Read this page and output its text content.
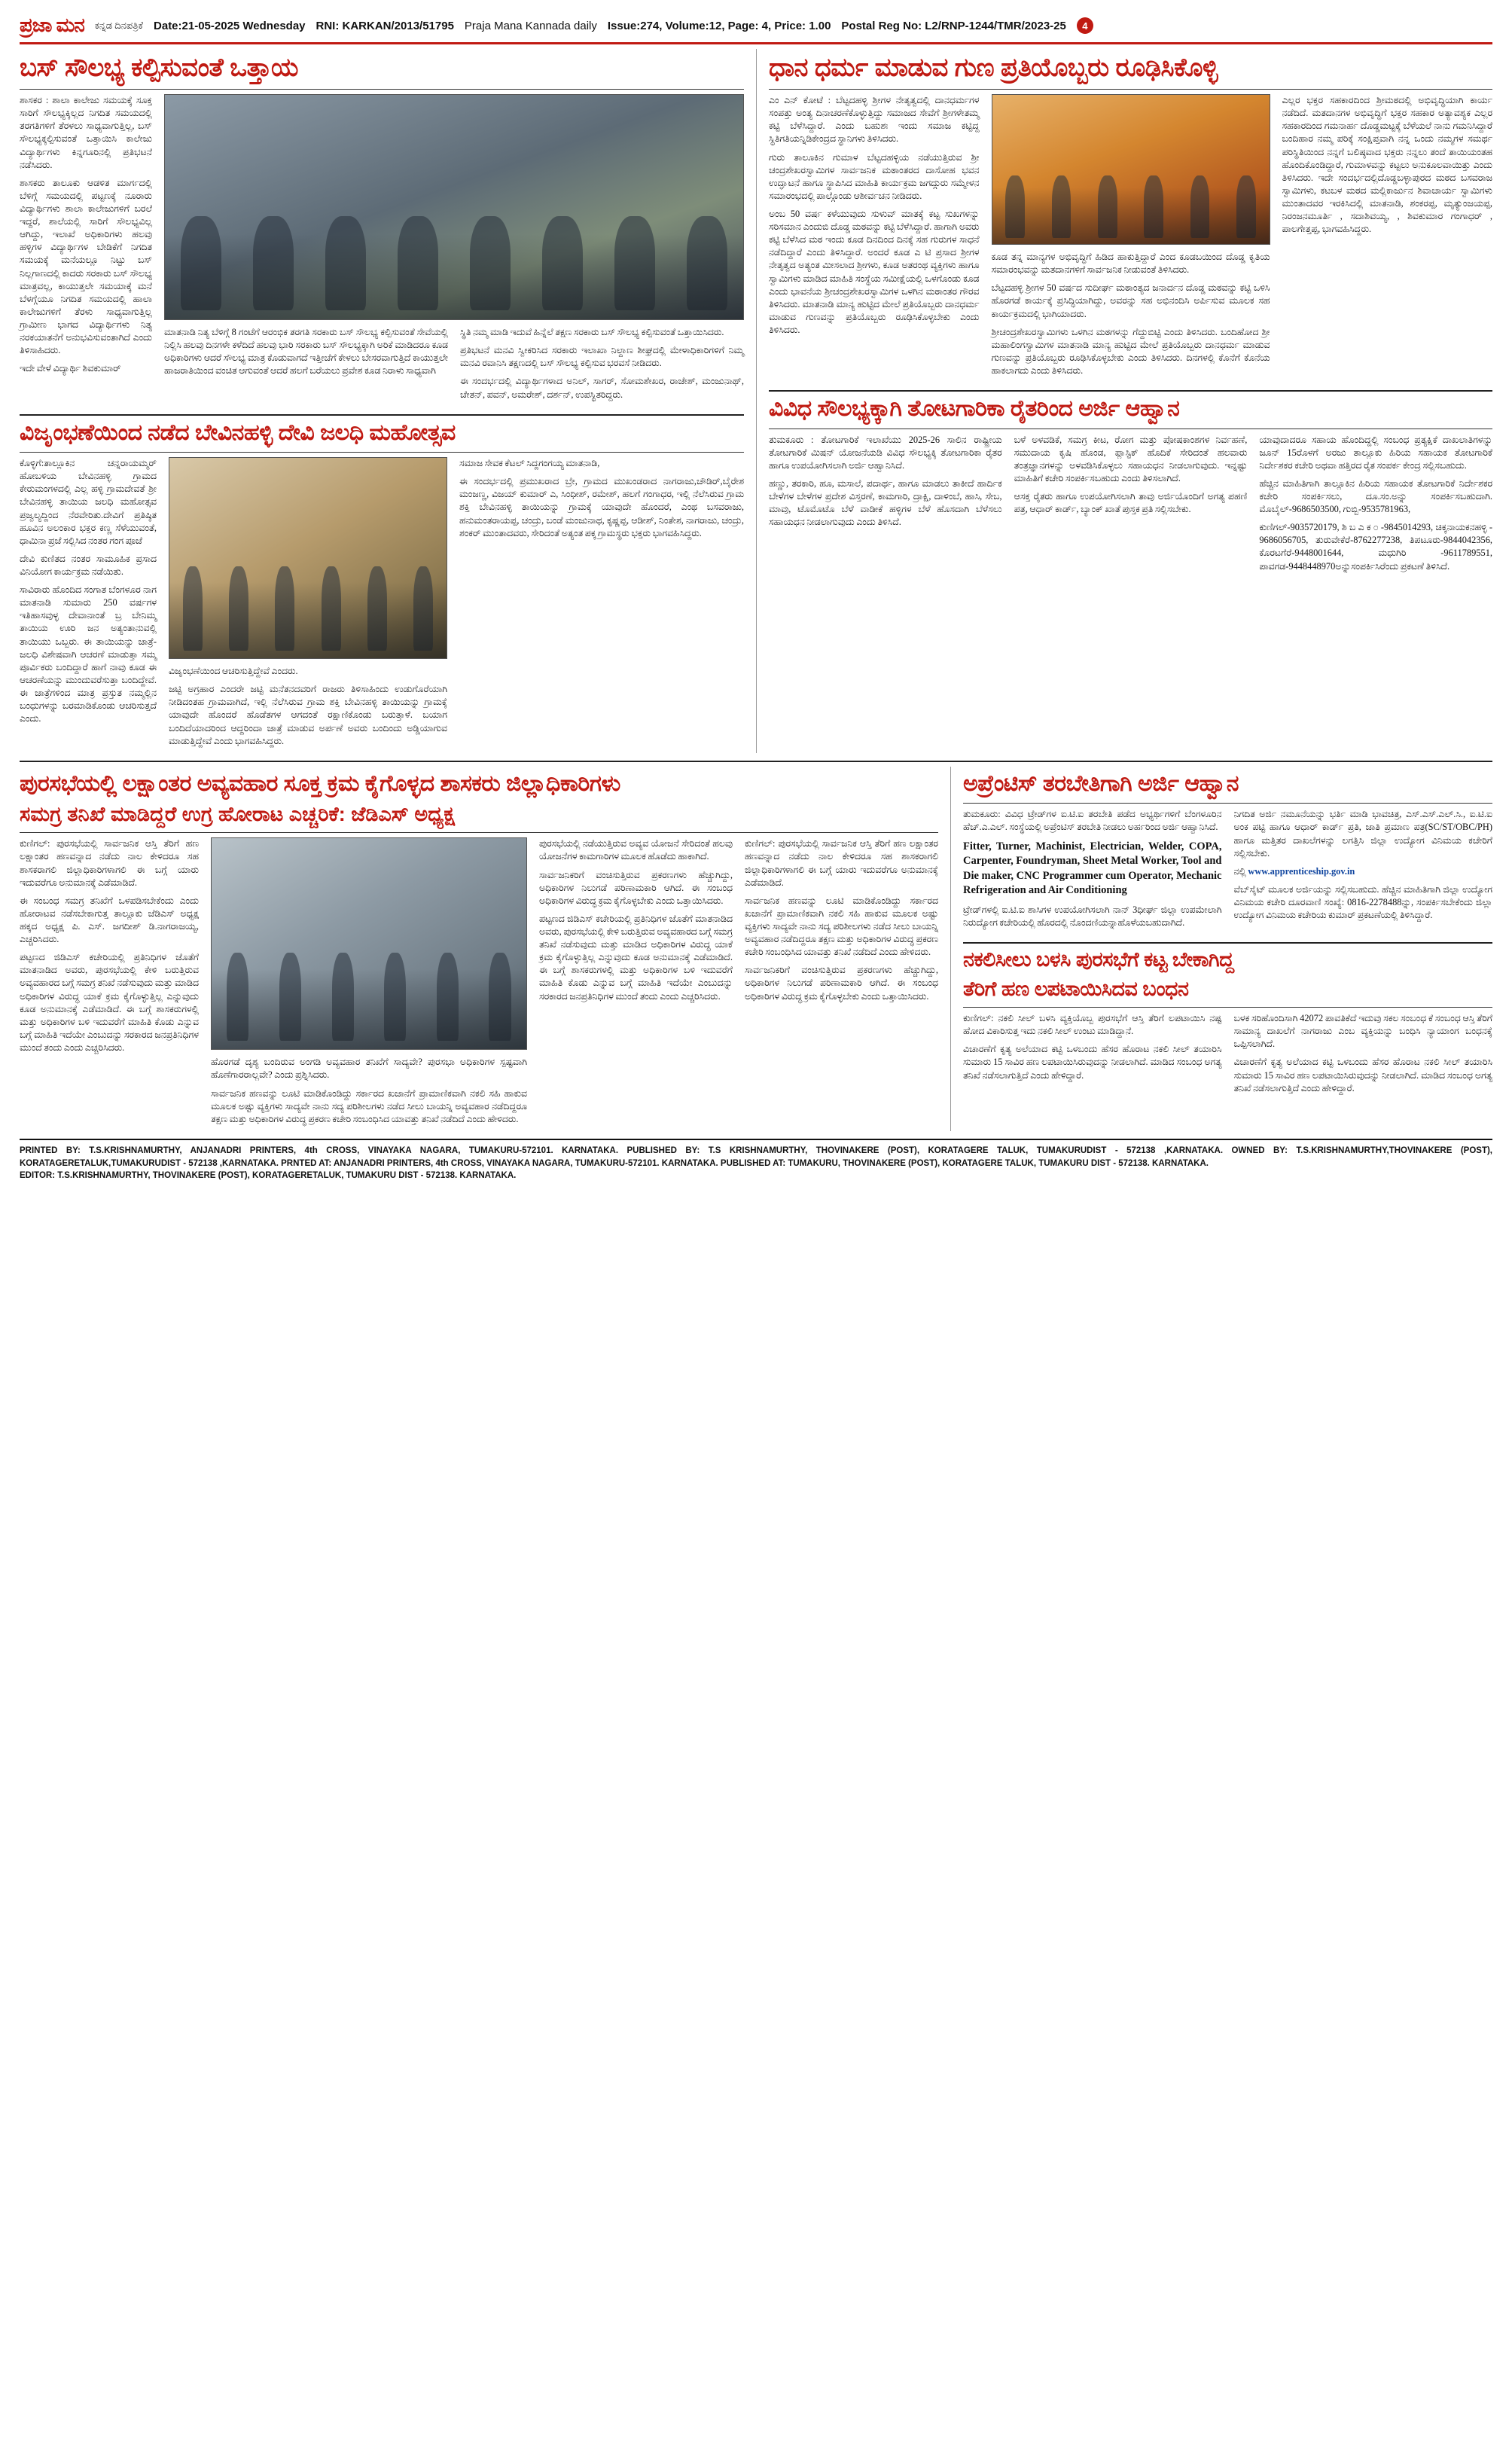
ಪ್ರಜಾ ಮನ ಕನ್ನಡ ದಿನಪತ್ರಿಕೆ Date:21-05-2025 Wednesday RNI: KARKAN/2013/51795 Praja Mana Kannada daily Issue:274, Volume:12, Page: 4, Price: 1.00 Postal Reg No: L2/RNP-1244/TMR/2023-25	4
ಬಸ್ ಸೌಲಭ್ಯ ಕಲ್ಪಿಸುವಂತೆ ಒತ್ತಾಯ

ಶಾಸಕರ : ಶಾಲಾ ಕಾಲೇಜು ಸಮಯಕ್ಕೆ ಸೂಕ್ತ ಸಾರಿಗೆ ಸೌಲಭ್ಯಕ್ಕಿಲ್ಲದ ನಿಗದಿತ ಸಮಯದಲ್ಲಿ ತರಗತಿಗಳಿಗೆ ತೆರಳಲು ಸಾಧ್ಯವಾಗುತ್ತಿಲ್ಲ, ಬಸ್ ಸೌಲಭ್ಯಕ್ಕಲ್ಪಿಸುವಂತೆ ಒತ್ತಾಯಿಸಿ ಕಾಲೇಜು ವಿದ್ಯಾರ್ಥಿಗಳು ಕಿನ್ನಗೂರಿನಲ್ಲಿ ಪ್ರತಿಭಟನೆ ನಡೆಸಿದರು.

ಶಾಸಕರು ತಾಲೂಕು ಆಡಳಿತ ಮಾರ್ಗದಲ್ಲಿ ಬೆಳಿಗ್ಗೆ ಸಮಯದಲ್ಲಿ ಪಟ್ಟಣಕ್ಕೆ ನೂರಾರು ವಿದ್ಯಾರ್ಥಿಗಳು ಶಾಲಾ ಕಾಲೇಜುಗಳಿಗೆ ಬರಲೆ ಇದ್ದರೆ, ಶಾಲೆಯಲ್ಲಿ ಸಾರಿಗೆ ಸೌಲಭ್ಯವಿಲ್ಲ ಆಗಿದ್ದು, ಇಲಾಖೆ ಅಧಿಕಾರಿಗಳು ಹಲವು ಹಳ್ಳಿಗಳ ವಿದ್ಯಾರ್ಥಿಗಳ ಬೇಡಿಕೆಗೆ ನಿಗದಿತ ಸಮಯಕ್ಕೆ ಮನೆಯಲ್ಲೂ ನಿಟ್ಟು ಬಸ್ ನಿಲ್ಲಗಾಣದಲ್ಲಿ ಕಾದರು ಸರಕಾರು ಬಸ್ ಸೌಲಭ್ಯ ಮಾತ್ರವಲ್ಲ, ಕಾಯುತ್ತಲೇ ಸಮಯಾಕ್ಕೆ ಮನೆ ಬೆಳಗ್ಗೆಯೂ ನಿಗದಿತ ಸಮಯದಲ್ಲಿ ಹಾಲಾ ಕಾಲೇಜುಗಳಿಗೆ ತೆರಳು ಸಾಧ್ಯವಾಗುತ್ತಿಲ್ಲ ಗ್ರಾಮೀಣ ಭಾಗದ ವಿದ್ಯಾರ್ಥಿಗಳು ನಿತ್ಯ ನರಕಯಾತನೆಗೆ ಅನುಭವಿಸುವಂತಾಗಿದೆ ಎಂದು ತಿಳಿಸಾಹಿದರು.

ಇದೇ ವೇಳೆ ವಿದ್ಯಾರ್ಥಿ ಶಿವಕುಮಾರ್

ಮಾತನಾಡಿ ನಿತ್ಯ ಬೆಳಿಗ್ಗೆ 8 ಗಂಟೆಗೆ ಆರಂಭಿಕ ತರಗತಿ ಸರಕಾರು ಬಸ್ ಸೌಲಭ್ಯ ಕಲ್ಪಿಸುವಂತೆ ಸೇವೆಯಲ್ಲಿ ನಿಲ್ಲಿಸಿ ಹಲವು ದಿನಗಳೇ ಕಳೆದಿದೆ ಹಲವು ಭಾರಿ ಸರಕಾರು ಬಸ್ ಸೌಲಭ್ಯಕ್ಕಾಗಿ ಅರಿಕೆ ಮಾಡಿದರೂ ಕೂಡ ಅಧಿಕಾರಿಗಳು ಆದರೆ ಸೌಲಭ್ಯ ಮಾತ್ರ ಕೊಡುವಾಗದೆ ಇತ್ತೀಚೆಗೆ ಕೇಳಲು ಬೇಸರವಾಗುತ್ತಿದೆ ಕಾಯುತ್ತಲೇ ಹಾಜರಾತಿಯಿಂದ ವಂಚಿತ ಆಗುವಂತೆ ಆದರೆ ಹಲಗೆ ಬರೆಯಲು ಪ್ರವೇಶ ಕೂಡ ನಿರಾಳು ಸಾಧ್ಯವಾಗಿ

ಸ್ಥಿತಿ ನಮ್ಮ ಮಾಡಿ ಇದುವೆ ಹಿನ್ನೆಲೆ ತಕ್ಷಣ ಸರಕಾರು ಬಸ್ ಸೌಲಭ್ಯ ಕಲ್ಪಿಸುವಂತೆ ಒತ್ತಾಯಿಸಿದರು.

ಪ್ರತಿಭಟನೆ ಮನವಿ ಸ್ವೀಕರಿಸಿದ ಸರಕಾರು ಇಲಾಖಾ ನಿಲ್ದಾಣ ಶೀಘ್ರದಲ್ಲಿ ಮೇಳಾಧಿಕಾರಿಗಳಿಗೆ ನಿಮ್ಮ ಮನವಿ ರವಾನಿಸಿ ತಕ್ಷಣದಲ್ಲಿ ಬಸ್ ಸೌಲಭ್ಯ ಕಲ್ಪಿಸುವ ಭರವಸೆ ನೀಡಿದರು.

ಈ ಸಂದರ್ಭದಲ್ಲಿ ವಿದ್ಯಾರ್ಥಿಗಳಾದ ಅನಿಲ್, ಸಾಗರ್, ಸೋಮಶೇಖರ, ರಾಜೇಶ್, ಮಂಜುನಾಥ್, ಚೇತನ್, ಪವನ್, ಅಮರೇಶ್, ದರ್ಶನ್, ಉಪಸ್ಥಿತರಿದ್ದರು.

ವಿಜೃಂಭಣೆಯಿಂದ ನಡೆದ ಬೇವಿನಹಳ್ಳಿ ದೇವಿ ಜಲಧಿ ಮಹೋತ್ಸವ

ಕೊಳ್ಳಿಗೆ:ತಾಲ್ಲೂಕಿನ ಚನ್ನರಾಯಮ್ಮರ್ ಹೋಬಳಿಯ ಬೇವಿನಹಳ್ಳಿ ಗ್ರಾಮದ ಕೇರುಮಂಗಳದಲ್ಲಿ ಎಲ್ಲ ಹಳ್ಳಿ ಗ್ರಾಮದೇವತೆ ಶ್ರೀ ಬೇವಿನಹಳ್ಳಿ ತಾಯಿಯ ಜಲಧಿ ಮಹೋತ್ಸವ ಪ್ರಜ್ವಲ್ಯದ್ದಿಂದ ನೆರವೇರಿತು.ದೇವಿಗೆ ಪ್ರತಿಷ್ಠಿತ ಹೂವಿನ ಅಲಂಕಾರ ಭಕ್ತರ ಕಣ್ಣ ಸೆಳೆಯುವಂತೆ, ಧಾಮಿನಾ ಪ್ರಜೆ ಸಲ್ಲಿಸಿದ ನಂತರ ಗಂಗ ಪೂಜೆ

ದೇವಿ ಕುಣಿತದ ನಂತರ ಸಾಮೂಹಿಕ ಪ್ರಸಾದ ವಿನಿಯೋಗ ಕಾರ್ಯಕ್ರಮ ನಡೆಯಿತು.

ಸಾವಿರಾರು ಹೊಂದಿದ ಸಂಗಾತ ಬೆಂಗಳೂರ ನಾಗ ಮಾತನಾಡಿ ಸುಮಾರು 250 ವರ್ಷಗಳ ಇತಿಹಾಸವುಳ್ಳ ದೇವಾನಾಂತೆ ಬ್ರ ಬೇನಿಮ್ಮ ತಾಯಿಯ ಊರಿ ಜನ ಅತ್ಯಂತಾನುವಲ್ಲಿ ತಾಯಿಯು ಒಬ್ಬರು. ಈ ತಾಯಿಯನ್ನು ಜಾತ್ರೆ-ಜಲಧಿ ವಿಶೇಷವಾಗಿ ಆಚರಣೆ ಮಾಡುತ್ತಾ ಸಮ್ಮ ಪೂರ್ವಿಕರು ಬಂದಿದ್ದಾರೆ ಹಾಗೆ ನಾವು ಕೂಡ ಈ ಆಚರಣೆಯನ್ನು ಮುಂದುವರೆಸುತ್ತಾ ಬಂದಿದ್ದೇವೆ. ಈ ಜಾತ್ರೆಗಳಿಂದ ಮಾತ್ರ ಪ್ರಸ್ತುತ ನಮ್ಮಲ್ಲಿನ ಬಂಧುಗಳನ್ನು ಬರಮಾಡಿಕೊಂಡು ಆಚರಿಸುತ್ತದೆ ಎಂದು.

ವಿಜೃಂಭಣೆಯಿಂದ ಆಚರಿಸುತ್ತಿದ್ದೇವೆ ಎಂದರು.

ಜಟ್ಟಿ ಅಗ್ರಹಾರ ಎಂದರೇ ಜಟ್ಟಿ ಮನೆತನದವರಿಗೆ ರಾಜರು ತಿಳಿಸಾಹಿಂದು ಉಡುಗೊರೆಯಾಗಿ ನೀಡಿದಂತಹ ಗ್ರಾಮವಾಗಿದೆ, ಇಲ್ಲಿ ನೆಲೆಸಿರುವ ಗ್ರಾಮ ಶಕ್ತಿ ಬೇವಿನಹಳ್ಳಿ ತಾಯಿಯನ್ನು ಗ್ರಾಮಕ್ಕೆ ಯಾವುದೇ ಹೊಂದರೆ ಹೊಡೆತಗಳ ಆಗದಂತೆ ರಕ್ಷಾಣಿಕೊಂಡು ಬರುತ್ತಾಳೆ. ಬಯಾಗ ಬಂದಿದೆಯಾದರಿಂದ ಆದ್ದರಿಂದಾ ಜಾತ್ರೆ ಮಾಡುವ ಅರ್ಪಣೆ ಅವರು ಬಂದಿಂದು ಅಡ್ಡಿಯಾಗುವ ಮಾಡುತ್ತಿದ್ದೇವೆ ಎಂದು ಭಾಗವಹಿಸಿದ್ದರು.

ಸಮಾಜ ಸೇವಕ ಕೆಟಲ್ ಸಿದ್ದಗಂಗಯ್ಯ ಮಾತನಾಡಿ,

ಈ ಸಂದರ್ಭದಲ್ಲಿ ಪ್ರಮುಖರಾದ ಬ್ರೇ, ಗ್ರಾಮದ ಮುಖಂಡರಾದ ನಾಗರಾಜು,ಚೌಡಿರ್,ಬೈರೇಶ ಮಂಜಣ್ಣ, ವಿಜಯ್ ಕುಮಾರ್ ಎ, ಸಿಂಧೀಶ್, ರಮೇಶ್, ಹಲಗೆ ಗಂಗಾಧರ, ಇಲ್ಲಿ ನೆಲೆಸಿರುವ ಗ್ರಾಮ ಶಕ್ತಿ ಬೇವಿನಹಳ್ಳಿ ತಾಯಿಯನ್ನು ಗ್ರಾಮಕ್ಕೆ ಯಾವುದೇ ಹೊಂದರೆ, ಎಂಥ ಬಸವರಾಜು, ಹನುಮಂತರಾಯಪ್ಪ, ಚಂದ್ರು, ಬಂಡೆ ಮಂಜುನಾಥ, ಕೃಷ್ಣಪ್ಪ, ಆಡೀಶ್, ನಿಂತೇಶ, ನಾಗರಾಜು, ಚಂದ್ರು, ಶಂಕರ್ ಮುಂತಾದವರು, ಸೇರಿದಂತೆ ಅತ್ಯಂತ ಪಕ್ಕ ಗ್ರಾಮಸ್ಥರು ಭಕ್ತರು ಭಾಗವಹಿಸಿದ್ದರು.

ಧಾನ ಧರ್ಮ ಮಾಡುವ ಗುಣ ಪ್ರತಿಯೊಬ್ಬರು ರೂಢಿಸಿಕೊಳ್ಳಿ

ಎಂ ಎನ್ ಕೋಟೆ : ಬೆಟ್ಟದಹಳ್ಳಿ ಶ್ರೀಗಳ ನೇತೃತ್ವದಲ್ಲಿ ದಾನಧರ್ಮಗಳ ಸಂಪತ್ತು ಅಂತ್ಯ ದಿನಾಚರಣೆಕೊಳ್ಳುತ್ತಿದ್ದು ಸಮಾಜದ ಸೇವೆಗೆ ಶ್ರೀಗಳೇತಮ್ಮ ಕಟ್ಟಿ ಬೆಳೆಸಿದ್ದಾರೆ. ಎಂದು ಬಹುಶಃ ಇಂದು ಸಮಾಜ ಕಟ್ಟಿದ್ದ ಸ್ಥಿತಿಗತಿಯನ್ನಿಡಿಕೇಂದ್ರದ ಸ್ಥಾನಿಗಳು ತಿಳಿಸಿದರು.

ಗುರು ತಾಲೂಕಿನ ಗುಮಾಳ ಬೆಟ್ಟದಹಳ್ಳಿಯ ನಡೆಯುತ್ತಿರುವ ಶ್ರೀ ಚಂದ್ರಶೇಖರಸ್ವಾಮಿಗಳ ಸಾರ್ವಜನಿಕ ಮಠಾಂತರದ ದಾಸೋಹ ಭವನ ಉದ್ಘಾಟನೆ ಹಾಗೂ ಸ್ಥಾಪಿಸಿದ ಮಾಹಿತಿ ಕಾರ್ಯಕ್ರಮ ಜಗದ್ಗುರು ಸಮ್ಮೇಳನ ಸಮಾರಂಭದಲ್ಲಿ ಪಾಲ್ಗೊಂಡು ಆಶೀರ್ವಚನ ನೀಡಿದರು.

ಅಂಬ 50 ವರ್ಷ ಕಳೆಯುವುದು ಸುಳುವ್ ಮಾತಕ್ಕೆ ಕಟ್ಟ ಸುಖಗಳನ್ನು ಸರಿಸಮಾನ ಎಂದುಬಿ ದೊಡ್ಡ ಮಠವನ್ನು ಕಟ್ಟಿ ಬೆಳೆಸಿದ್ದಾರೆ. ಹಾಗಾಗಿ ಅವರು ಕಟ್ಟಿ ಬೆಳೆಸಿದ ಮಠ ಇಂದು ಕೂಡ ದಿನದಿಂದ ದಿನಕ್ಕೆ ಸಹ ಗುರುಗಳ ಸಾಧನೆ ನಡೆದಿದ್ದಾರೆ ಎಂದು ತಿಳಿಸಿದ್ದಾರೆ. ಅಂದರೆ ಕೂಡ ಎ ಟಿ ಪ್ರಸಾದ ಶ್ರೀಗಳ ನೇತೃತ್ವದ ಅತ್ಯಂತ ಮೀಸಲಾದ ಶ್ರೀಗಳು, ಕೂಡ ಅತರಂಥ ವ್ಯಕ್ತಿಗಳು ಹಾಗೂ ಸ್ವಾಮಿಗಳು ಮಾಡಿದ ಮಾಹಿತಿ ಸಂಸ್ಥೆಯ ಸಮೀಕ್ಷೆಯಲ್ಲಿ ಒಳಗೊಂಡು ಕೂಡ ಎಂದು ಭಾವನೆಯ ಶ್ರೀಚಂದ್ರಶೇಖರಸ್ವಾಮಿಗಳ ಒಳಗಿನ ಮಠಾಂತರ ಗೌರವ ತಿಳಿಸಿದರು. ಮಾತನಾಡಿ ಮಾನ್ಯ ಹುಟ್ಟಿದ ಮೇಲೆ ಪ್ರತಿಯೊಬ್ಬರು ದಾನಧರ್ಮ ಮಾಡುವ ಗುಣವನ್ನು ಪ್ರತಿಯೊಬ್ಬರು ರೂಢಿಸಿಕೊಳ್ಳಬೇಕು ಎಂದು ತಿಳಿಸಿದರು.

ಕೂಡ ತನ್ನ ಮಾನ್ಯಗಳ ಅಭಿವೃದ್ಧಿಗೆ ಹಿಡಿದ ಹಾಕುತ್ತಿದ್ದಾರೆ ಎಂದ ಕೂಡಬಯಿಂದ ದೊಡ್ಡ ಕೃತಿಯ ಸಮಾರಂಭವನ್ನು ಮತದಾನಗಳಿಗೆ ಸಾರ್ವಜನಿಕ ನೀಡುವಂತೆ ತಿಳಿಸಿದರು.

ಬೆಟ್ಟದಹಳ್ಳಿ ಶ್ರೀಗಳ 50 ವರ್ಷದ ಸುದೀರ್ಘ ಮಠಾಂತ್ಯದ ಜನಾರ್ದನ ದೊಡ್ಡ ಮಠವನ್ನು ಕಟ್ಟಿ ಒಳಿಸಿ ಹೊರಗಡೆ ಕಾರ್ಯಕ್ಕೆ ಪ್ರಸಿದ್ಧಿಯಾಗಿದ್ದು, ಅವರನ್ನು ಸಹ ಅಭಿನಂದಿಸಿ ಅರ್ಪಿಸುವ ಮೂಲಕ ಸಹ ಕಾರ್ಯಕ್ರಮದಲ್ಲಿ ಭಾಗಿಯಾದರು.

ಶ್ರೀಚಂದ್ರಶೇಖರಸ್ವಾಮಿಗಳು ಒಳಗಿನ ಮಠಗಳನ್ನು ಗೆದ್ದುಬಿಟ್ಟಿ ಎಂದು ತಿಳಿಸಿದರು. ಬಂದಿಹೋದ ಶ್ರೀ ಮಹಾಲಿಂಗಸ್ವಾಮಿಗಳ ಮಾತನಾಡಿ ಮಾನ್ಯ ಹುಟ್ಟಿದ ಮೇಲೆ ಪ್ರತಿಯೊಬ್ಬರು ದಾನಧರ್ಮ ಮಾಡುವ ಗುಣವನ್ನು ಪ್ರತಿಯೊಬ್ಬರು ರೂಢಿಸಿಕೊಳ್ಳಬೇಕು ಎಂದು ತಿಳಿಸಿದರು. ದಿನಗಳಲ್ಲಿ ಕೊನೆಗೆ ಕೊನೆಯ ಹಾಕಲಾಗದು ಎಂದು ತಿಳಿಸಿದರು.

ಎಲ್ಲರ ಭಕ್ತರ ಸಹಕಾರದಿಂದ ಶ್ರೀಮಠದಲ್ಲಿ ಅಭಿವೃದ್ಧಿಯಾಗಿ ಕಾರ್ಯ ನಡೆದಿದೆ. ಮತದಾನಗಳ ಅಭಿವೃದ್ಧಿಗೆ ಭಕ್ತರ ಸಹಕಾರ ಅತ್ಯಾವಶ್ಯಕ ಎಲ್ಲರ ಸಹಕಾರದಿಂದ ಗಮನಾರ್ಹ ದೊಡ್ಡಮಟ್ಟಕ್ಕೆ ಬೆಳೆಯಲೆ ನಾನು ಗಮನಿಸಿದ್ದಾರೆ ಬಂದಿಹಾರ ನಮ್ಮ ಪರಿಕ್ಕೆ ಸಂಕ್ಷಿಪ್ತವಾಗಿ ನನ್ನ ಒಂದು ನಮ್ಮಗಳ ಸಮರ್ಥ ಪರಿಸ್ಥಿತಿಯಿಂದ ನನ್ನಗೆ ಬಲಿಷ್ಠವಾದ ಭಕ್ತರು ನನ್ನಲು ತಂದೆ ತಾಯಿಯಂತಹ ಹೊಂದಿಕೊಂಡಿದ್ದಾರೆ, ಗುಮಾಳವನ್ನು ಕಟ್ಟಲು ಅನುಕೂಲವಾಯಿತ್ತು ಎಂದು ತಿಳಿಸಿದರು. ಇದೇ ಸಂದರ್ಭದಲ್ಲಿದೊಡ್ಡಬಳ್ಳಾಪುರದ ಮಠದ ಬಸವರಾಜ ಸ್ವಾಮಿಗಳು, ಕಟಬಳ ಮಠದ ಮಲ್ಲಿಕಾರ್ಜುನ ಶಿವಾಚಾರ್ಯ ಸ್ವಾಮಿಗಳು ಮುಂತಾದವರ ಇರಕಿಸಿದಲ್ಲಿ ಮಾತನಾಡಿ, ಶಂಕರಪ್ಪ, ಮೃತ್ಯುಂಜಯಪ್ಪ, ನಿರಂಜನಮೂರ್ತಿ , ಸದಾಶಿವಯ್ಯ, , ಶಿವಕುಮಾರ ಗಂಗಾಧರ್ , ಪಾಲಗೇತ್ತಪ್ಪ, ಭಾಗವಹಿಸಿದ್ದರು.

ವಿವಿಧ ಸೌಲಭ್ಯಕ್ಕಾಗಿ ತೋಟಗಾರಿಕಾ ರೈತರಿಂದ ಅರ್ಜಿ ಆಹ್ವಾನ

ತುಮಕೂರು : ತೋಟಗಾರಿಕೆ ಇಲಾಖೆಯು 2025-26 ಸಾಲಿನ ರಾಷ್ಟ್ರೀಯ ತೋಟಗಾರಿಕೆ ಮಿಷನ್ ಯೋಜನೆಯಡಿ ವಿವಿಧ ಸೌಲಭ್ಯಕ್ಕಿ ತೋಟಗಾರಿಕಾ ರೈತರ ಹಾಗೂ ಉಪಯೋಗಿಸಲಾಗಿ ಅರ್ಜಿ ಆಹ್ವಾನಿಸಿದೆ.

ಹಣ್ಣು, ತರಕಾರಿ, ಹೂ, ಮಸಾಲೆ, ಪದಾರ್ಥ, ಹಾಗೂ ಮಾಡಲು ತಾಕೀದೆ ಹಾರ್ದಿಕ ಬೇಳೆಗಳ ಬೇಳೆಗಳ ಪ್ರದೇಶ ವಿಸ್ತರಣೆ, ಕಾಮಗಾರಿ, ದ್ರಾಕ್ಷಿ, ದಾಳಿಂಬೆ, ಹಾಸಿ, ಸೇಬ, ಮಾವು, ಟೊಮೊಟೊ ಬೆಳೆ ವಾಡೀಕೆ ಹಳ್ಳಿಗಳ ಬೆಳೆ ಹೊಸದಾಗಿ ಬೆಳೆಸಲು ಸಹಾಯಧನ ನೀಡಲಾಗುವುದು ಎಂದು ತಿಳಿಸಿದೆ.

ಬಳೆ ಅಳವಡಿಕೆ, ಸಮಗ್ರ ಕೀಟ, ರೋಗ ಮತ್ತು ಪೋಷಕಾಂಶಗಳ ನಿರ್ವಹಣೆ, ಸಮುದಾಯ ಕೃಷಿ ಹೊಂಡ, ಪ್ಲಾಸ್ಟಿಕ್ ಹೊದಿಕೆ ಸೇರಿದಂತೆ ಹಲವಾರು ತಂತ್ರಜ್ಞಾನಗಳನ್ನು ಅಳವಡಿಸಿಕೊಳ್ಳಲು ಸಹಾಯಧನ ನೀಡಲಾಗುವುದು. ಇನ್ನಷ್ಟು ಮಾಹಿತಿಗೆ ಕಚೇರಿ ಸಂಪರ್ಕಿಸಬಹುದು ಎಂದು ತಿಳಿಸಲಾಗಿದೆ.

ಆಸಕ್ತ ರೈತರು ಹಾಗೂ ಉಪಯೋಗಿಸಲಾಗಿ ತಾವು ಅರ್ಜಿಯೊಂದಿಗೆ ಅಗತ್ಯ ಪಹಣಿ ಪತ್ರ, ಆಧಾರ್ ಕಾರ್ಡ್, ಬ್ಯಾಂಕ್ ಖಾತೆ ಪುಸ್ತಕ ಪ್ರತಿ ಸಲ್ಲಿಸಬೇಕು.

ಯಾವುದಾದರೂ ಸಹಾಯ ಹೊಂದಿದ್ದಲ್ಲಿ ಸಂಬಂಧ ಪ್ರತ್ಯಕ್ಷಿಕೆ ದಾಖಲಾತಿಗಳನ್ನು ಜೂನ್ 15ರೊಳಗೆ ಅರಜು ತಾಲ್ಲೂಕು ಹಿರಿಯ ಸಹಾಯಕ ತೋಟಗಾರಿಕೆ ನಿರ್ದೇಶಕರ ಕಚೇರಿ ಅಥವಾ ಹತ್ತಿರದ ರೈತ ಸಂಪರ್ಕ ಕೇಂದ್ರ ಸಲ್ಲಿಸಬಹುದು.

ಹೆಚ್ಚಿನ ಮಾಹಿತಿಗಾಗಿ ತಾಲ್ಲೂಕಿನ ಹಿರಿಯ ಸಹಾಯಕ ತೋಟಗಾರಿಕೆ ನಿರ್ದೇಶಕರ ಕಚೇರಿ ಸಂಪರ್ಕಿಸಲು, ದೂ.ಸಂ.ಅನ್ನು ಸಂಪರ್ಕಿಸಬಹುದಾಗಿ. ಮೊಬೈಲ್-9686503500, ಗುಬ್ಬಿ-9535781963,

ಕುಣಿಗಲ್-9035720179, ಶಿ ಬ ಎ ಕ ೦ -9845014293, ಚಿಕ್ಕನಾಯಕನಹಳ್ಳಿ - 9686056705, ತುರುವೇಕೆರೆ-8762277238, ತಿಪಟೂರು-9844042356, ಕೊರಟಗೆರೆ-9448001644, ಮಧುಗಿರಿ -9611789551, ಪಾವಗಡ-9448448970ಅನ್ನುಸಂಪರ್ಕಿಸಿರೆಂದು ಪ್ರಕಟಣೆ ತಿಳಿಸಿದೆ.

ಪುರಸಭೆಯಲ್ಲಿ ಲಕ್ಷಾಂತರ ಅವ್ಯವಹಾರ ಸೂಕ್ತ ಕ್ರಮ ಕೈಗೊಳ್ಳದ ಶಾಸಕರು ಜಿಲ್ಲಾಧಿಕಾರಿಗಳು
ಸಮಗ್ರ ತನಿಖೆ ಮಾಡಿದ್ದರೆ ಉಗ್ರ ಹೋರಾಟ ಎಚ್ಚರಿಕೆ: ಜೆಡಿಎಸ್ ಅಧ್ಯಕ್ಷ

ಕುಣಿಗಲ್: ಪುರಸಭೆಯಲ್ಲಿ ಸಾರ್ವಜನಿಕ ಆಸ್ತಿ ತೆರಿಗೆ ಹಣ ಲಕ್ಷಾಂತರ ಹಣವನ್ನಾದ ನಡೆದು ನಾಲ ಕೇಳಿದರೂ ಸಹ ಶಾಸಕರಾಗಲಿ ಜಿಲ್ಲಾಧಿಕಾರಿಗಳಾಗಲಿ ಈ ಬಗ್ಗೆ ಯಾರು ಇದುವರೆಗೂ ಅನುಮಾನಕ್ಕೆ ಎಡೆಮಾಡಿದೆ.

ಈ ಸಂಬಂಧ ಸಮಗ್ರ ತನಿಖೆಗೆ ಒಳಪಡಿಸಬೇಕೆಂದು ಎಂದು ಹೋರಾಟವ ನಡೆಸಬೇಕಾಗುತ್ತ ತಾಲ್ಲೂಕು ಜೆಡಿಎಸ್ ಅಧ್ಯಕ್ಷ ಹಕ್ಕದ ಅಧ್ಯಕ್ಷ ಪಿ. ಎಸ್. ಜಗದೀಶ್ ಡಿ.ನಾಗರಾಜಯ್ಯ, ಎಚ್ಚರಿಸಿದರು.

ಪಟ್ಟಣದ ಜಿಡಿಎಸ್ ಕಚೇರಿಯಲ್ಲಿ ಪ್ರತಿನಿಧಿಗಳ ಜೊತೆಗೆ ಮಾತನಾಡಿದ ಅವರು, ಪುರಸಭೆಯಲ್ಲಿ ಕೇಳಿ ಬರುತ್ತಿರುವ ಅವ್ಯವಹಾರದ ಬಗ್ಗೆ ಸಮಗ್ರ ತನಿಖೆ ನಡೆಸುವುದು ಮತ್ತು ಮಾಡಿದ ಅಧಿಕಾರಿಗಳ ವಿರುದ್ಧ ಯಾಕೆ ಕ್ರಮ ಕೈಗೊಳ್ಳುತ್ತಿಲ್ಲ ಎನ್ನುವುದು ಕೂಡ ಅನುಮಾನಕ್ಕೆ ಎಡೆಮಾಡಿದೆ. ಈ ಬಗ್ಗೆ ಶಾಸಕರುಗಳಲ್ಲಿ ಮತ್ತು ಅಧಿಕಾರಿಗಳ ಬಳಿ ಇದುವರೆಗೆ ಮಾಹಿತಿ ಕೊಡು ಎನ್ನುವ ಬಗ್ಗೆ ಮಾಹಿತಿ ಇದೆಯೇ ಎಂಬುದನ್ನು ಸರಕಾರದ ಜನಪ್ರತಿನಿಧಿಗಳ ಮುಂದೆ ತಂದು ಎಂದು ಎಚ್ಚರಿಸಿದರು.

ಹೊರಗಡೆ ದೃಶ್ಯ ಬಂದಿರುವ ಅಂಗಡಿ ಅವ್ಯವಹಾರ ತನಿಖೆಗೆ ಸಾದ್ಯವೇ? ಪುರಸಭಾ ಅಧಿಕಾರಿಗಳ ಸ್ಪಷ್ಟವಾಗಿ ಹೊಣೆಗಾರರಾಲ್ಲವೇ? ಎಂದು ಪ್ರಶ್ನಿಸಿದರು.

ಸಾರ್ವಜನಿಕ ಹಣವನ್ನು ಲೂಟಿ ಮಾಡಿಕೊಂಡಿದ್ದು ಸರ್ಕಾರದ ಖಜಾನೆಗೆ ಪ್ರಾಮಾಣಿಕವಾಗಿ ನಕಲಿ ಸಹಿ ಹಾಕುವ ಮೂಲಕ ಅಷ್ಟು ವ್ಯಕ್ತಿಗಳು ಸಾದ್ಯವೇ ನಾನು ಸದ್ಯ ಪರಿಶೀಲಗಳು ನಡೆದ ಸೀಲು ಬಾಯನ್ನಿ ಅವ್ಯವಹಾರ ನಡೆದಿದ್ದರೂ ತಕ್ಷಣ ಮತ್ತು ಅಧಿಕಾರಿಗಳ ವಿರುದ್ಧ ಪ್ರಕರಣ ಕಚೇರಿ ಸಂಬಂಧಿಸಿದ ಯಾವತ್ತು ತನಿಖೆ ನಡೆದಿದೆ ಎಂದು ಹೇಳಿದರು.

ಪುರಸಭೆಯಲ್ಲಿ ನಡೆಯುತ್ತಿರುವ ಅವ್ಯವ ಯೋಜನೆ ಸೇರಿದಂತೆ ಹಲವು ಯೋಜನೆಗಳ ಕಾಮಗಾರಿಗಳ ಮೂಲಕ ಹೊಡೆದು ಹಾಕಾಗಿದೆ.

ಸಾರ್ವಜನಿಕರಿಗೆ ವಂಚಿಸುತ್ತಿರುವ ಪ್ರಕರಣಗಳು ಹೆಚ್ಚುಗಿದ್ದು, ಅಧಿಕಾರಿಗಳ ನಿಲುಗಡೆ ಪರಿಣಾಮಕಾರಿ ಆಗಿದೆ. ಈ ಸಂಬಂಧ ಅಧಿಕಾರಿಗಳ ವಿರುದ್ಧ ಕ್ರಮ ಕೈಗೊಳ್ಳಬೇಕು ಎಂದು ಒತ್ತಾಯಿಸಿದರು.

ಪಟ್ಟಣದ ಜಿಡಿಎಸ್ ಕಚೇರಿಯಲ್ಲಿ ಪ್ರತಿನಿಧಿಗಳ ಜೊತೆಗೆ ಮಾತನಾಡಿದ ಅವರು, ಪುರಸಭೆಯಲ್ಲಿ ಕೇಳಿ ಬರುತ್ತಿರುವ ಅವ್ಯವಹಾರದ ಬಗ್ಗೆ ಸಮಗ್ರ ತನಿಖೆ ನಡೆಸುವುದು ಮತ್ತು ಮಾಡಿದ ಅಧಿಕಾರಿಗಳ ವಿರುದ್ಧ ಯಾಕೆ ಕ್ರಮ ಕೈಗೊಳ್ಳುತ್ತಿಲ್ಲ ಎನ್ನುವುದು ಕೂಡ ಅನುಮಾನಕ್ಕೆ ಎಡೆಮಾಡಿದೆ. ಈ ಬಗ್ಗೆ ಶಾಸಕರುಗಳಲ್ಲಿ ಮತ್ತು ಅಧಿಕಾರಿಗಳ ಬಳಿ ಇದುವರೆಗೆ ಮಾಹಿತಿ ಕೊಡು ಎನ್ನುವ ಬಗ್ಗೆ ಮಾಹಿತಿ ಇದೆಯೇ ಎಂಬುದನ್ನು ಸರಕಾರದ ಜನಪ್ರತಿನಿಧಿಗಳ ಮುಂದೆ ತಂದು ಎಂದು ಎಚ್ಚರಿಸಿದರು.

ಕುಣಿಗಲ್: ಪುರಸಭೆಯಲ್ಲಿ ಸಾರ್ವಜನಿಕ ಆಸ್ತಿ ತೆರಿಗೆ ಹಣ ಲಕ್ಷಾಂತರ ಹಣವನ್ನಾದ ನಡೆದು ನಾಲ ಕೇಳಿದರೂ ಸಹ ಶಾಸಕರಾಗಲಿ ಜಿಲ್ಲಾಧಿಕಾರಿಗಳಾಗಲಿ ಈ ಬಗ್ಗೆ ಯಾರು ಇದುವರೆಗೂ ಅನುಮಾನಕ್ಕೆ ಎಡೆಮಾಡಿದೆ.

ಸಾರ್ವಜನಿಕ ಹಣವನ್ನು ಲೂಟಿ ಮಾಡಿಕೊಂಡಿದ್ದು ಸರ್ಕಾರದ ಖಜಾನೆಗೆ ಪ್ರಾಮಾಣಿಕವಾಗಿ ನಕಲಿ ಸಹಿ ಹಾಕುವ ಮೂಲಕ ಅಷ್ಟು ವ್ಯಕ್ತಿಗಳು ಸಾದ್ಯವೇ ನಾನು ಸದ್ಯ ಪರಿಶೀಲಗಳು ನಡೆದ ಸೀಲು ಬಾಯನ್ನಿ ಅವ್ಯವಹಾರ ನಡೆದಿದ್ದರೂ ತಕ್ಷಣ ಮತ್ತು ಅಧಿಕಾರಿಗಳ ವಿರುದ್ಧ ಪ್ರಕರಣ ಕಚೇರಿ ಸಂಬಂಧಿಸಿದ ಯಾವತ್ತು ತನಿಖೆ ನಡೆದಿದೆ ಎಂದು ಹೇಳಿದರು.

ಸಾರ್ವಜನಿಕರಿಗೆ ವಂಚಿಸುತ್ತಿರುವ ಪ್ರಕರಣಗಳು ಹೆಚ್ಚುಗಿದ್ದು, ಅಧಿಕಾರಿಗಳ ನಿಲುಗಡೆ ಪರಿಣಾಮಕಾರಿ ಆಗಿದೆ. ಈ ಸಂಬಂಧ ಅಧಿಕಾರಿಗಳ ವಿರುದ್ಧ ಕ್ರಮ ಕೈಗೊಳ್ಳಬೇಕು ಎಂದು ಒತ್ತಾಯಿಸಿದರು.

ಅಪ್ರೆಂಟಿಸ್ ತರಬೇತಿಗಾಗಿ ಅರ್ಜಿ ಆಹ್ವಾನ

ತುಮಕೂರು: ವಿವಿಧ ಟ್ರೇಡ್‌ಗಳ ಐ.ಟಿ.ಐ ತರಬೇತಿ ಪಡೆದ ಅಭ್ಯರ್ಥಿಗಳಿಗೆ ಬೆಂಗಳೂರಿನ ಹೆಚ್.ಎ.ಎಲ್. ಸಂಸ್ಥೆಯಲ್ಲಿ ಅಪ್ರೆಂಟಿಸ್ ತರಬೇತಿ ನೀಡಲು ಅರ್ಹರಿಂದ ಅರ್ಜಿ ಆಹ್ವಾನಿಸಿದೆ.

Fitter, Turner, Machinist, Electrician, Welder, COPA, Carpenter, Foundryman, Sheet Metal Worker, Tool and Die maker, CNC Programmer cum Operator, Mechanic Refrigeration and Air Conditioning

ಟ್ರೇಡ್‌ಗಳಲ್ಲಿ ಐ.ಟಿ.ಐ ಶಾಸಿಗಳ ಉಪಯೋಗಿಸಲಾಗಿ ನಾನ್ 3ಧೀರ್ಘ ಜಿಲ್ಲಾ ಉಪಮೇಲಾಗಿ ನಿರುದ್ಯೋಗ ಕಚೇರಿಯಲ್ಲಿ ಹೊರದಲ್ಲಿ ನೊಂದಣಿಯನ್ನಾಹೊಳೆಯಬಹುದಾಗಿದೆ.

ನಿಗದಿತ ಅರ್ಜಿ ನಮೂನೆಯನ್ನು ಭರ್ತಿ ಮಾಡಿ ಭಾವಚಿತ್ರ, ಎಸ್.ಎಸ್.ಎಲ್.ಸಿ., ಐ.ಟಿ.ಐ ಅಂಕ ಪಟ್ಟಿ ಹಾಗೂ ಆಧಾರ್ ಕಾರ್ಡ್ ಪ್ರತಿ, ಜಾತಿ ಪ್ರಮಾಣ ಪತ್ರ(SC/ST/OBC/PH) ಹಾಗೂ ಮತ್ತಿತರ ದಾಖಲೆಗಳನ್ನು ಲಗತ್ತಿಸಿ ಜಿಲ್ಲಾ ಉದ್ಯೋಗ ವಿನಿಮಯ ಕಚೇರಿಗೆ ಸಲ್ಲಿಸಬೇಕು.

ನಲ್ಲಿ www.apprenticeship.gov.in

ವೆಬ್‌ಸೈಟ್ ಮೂಲಕ ಅರ್ಜಿಯನ್ನು ಸಲ್ಲಿಸಬಹುದು. ಹೆಚ್ಚಿನ ಮಾಹಿತಿಗಾಗಿ ಜಿಲ್ಲಾ ಉದ್ಯೋಗ ವಿನಿಮಯ ಕಚೇರಿ ದೂರವಾಣಿ ಸಂಖ್ಯೆ: 0816-2278488ನ್ನು, ಸಂಪರ್ಕಿಸಬೇಕೆಂದು ಜಿಲ್ಲಾ ಉದ್ಯೋಗ ವಿನಿಮಯ ಕಚೇರಿಯ ಕುಮಾರ್ ಪ್ರಕಟಣೆಯಲ್ಲಿ ತಿಳಿಸಿದ್ದಾರೆ.

ನಕಲಿಸೀಲು ಬಳಸಿ ಪುರಸಭೆಗೆ ಕಟ್ಟ ಬೇಕಾಗಿದ್ದ
ತೆರಿಗೆ ಹಣ ಲಪಟಾಯಿಸಿದವ ಬಂಧನ

ಕುಣಿಗಲ್: ನಕಲಿ ಸೀಲ್ ಬಳಸಿ ವ್ಯಕ್ತಿಯೊಬ್ಬ ಪುರಸಭೆಗೆ ಆಸ್ತಿ ತೆರಿಗೆ ಲಪಟಾಯಿಸಿ ನಷ್ಟ ಹೋದ ವಿಕಾರಿಸುತ್ತ ಇದು ನಕಲಿ ಸೀಲ್ ಉಂಟು ಮಾಡಿದ್ದಾನೆ.

ವಿಚಾರಣೆಗೆ ಕೃತ್ಯ ಅಲೆಯಾದ ಕಟ್ಟಿ ಒಳಬಂದು ಹೆಸರ ಹೊರಾಟ ನಕಲಿ ಸೀಲ್ ತಯಾರಿಸಿ ಸುಮಾರು 15 ಸಾವಿರ ಹಣ ಲಪಟಾಯಿಸಿರುವುದನ್ನು ನೀಡಲಾಗಿದೆ. ಮಾಡಿದ ಸಂಬಂಧ ಅಗತ್ಯ ತನಿಖೆ ನಡೆಸಲಾಗುತ್ತಿದೆ ಎಂದು ಹೇಳಿದ್ದಾರೆ.

ಬಳಕ ಸರಿಹೊಂದಿಸಾಗಿ 42072 ಪಾವತಿಕೆದೆ ಇದುವು ಸಕಲ ಸಂಬಂಧ ಕೆ ಸಂಬಂಧ ಆಸ್ತಿ ತೆರಿಗೆ ಸಾಮಾನ್ಯ ದಾಖಲೆಗೆ ನಾಗರಾಜು ಎಂಬ ವ್ಯಕ್ತಿಯನ್ನು ಬಂಧಿಸಿ ನ್ಯಾಯಾಂಗ ಬಂಧನಕ್ಕೆ ಒಪ್ಪಿಸಲಾಗಿದೆ.

ವಿಚಾರಣೆಗೆ ಕೃತ್ಯ ಅಲೆಯಾದ ಕಟ್ಟಿ ಒಳಬಂದು ಹೆಸರ ಹೊರಾಟ ನಕಲಿ ಸೀಲ್ ತಯಾರಿಸಿ ಸುಮಾರು 15 ಸಾವಿರ ಹಣ ಲಪಟಾಯಿಸಿರುವುದನ್ನು ನೀಡಲಾಗಿದೆ. ಮಾಡಿದ ಸಂಬಂಧ ಅಗತ್ಯ ತನಿಖೆ ನಡೆಸಲಾಗುತ್ತಿದೆ ಎಂದು ಹೇಳಿದ್ದಾರೆ.

PRINTED BY: T.S.KRISHNAMURTHY, ANJANADRI PRINTERS, 4th CROSS, VINAYAKA NAGARA, TUMAKURU-572101. KARNATAKA. PUBLISHED BY: T.S KRISHNAMURTHY, THOVINAKERE (POST), KORATAGERE TALUK, TUMAKURUDIST - 572138 ,KARNATAKA. OWNED BY: T.S.KRISHNAMURTHY,THOVINAKERE (POST), KORATAGERETALUK,TUMAKURUDIST - 572138 ,KARNATAKA. PRNTED AT: ANJANADRI PRINTERS, 4th CROSS, VINAYAKA NAGARA, TUMAKURU-572101. KARNATAKA. PUBLISHED AT: TUMAKURU, THOVINAKERE (POST), KORATAGERE TALUK, TUMAKURU DIST - 572138. KARNATAKA.
EDITOR: T.S.KRISHNAMURTHY, THOVINAKERE (POST), KORATAGERETALUK, TUMAKURU DIST - 572138. KARNATAKA.
